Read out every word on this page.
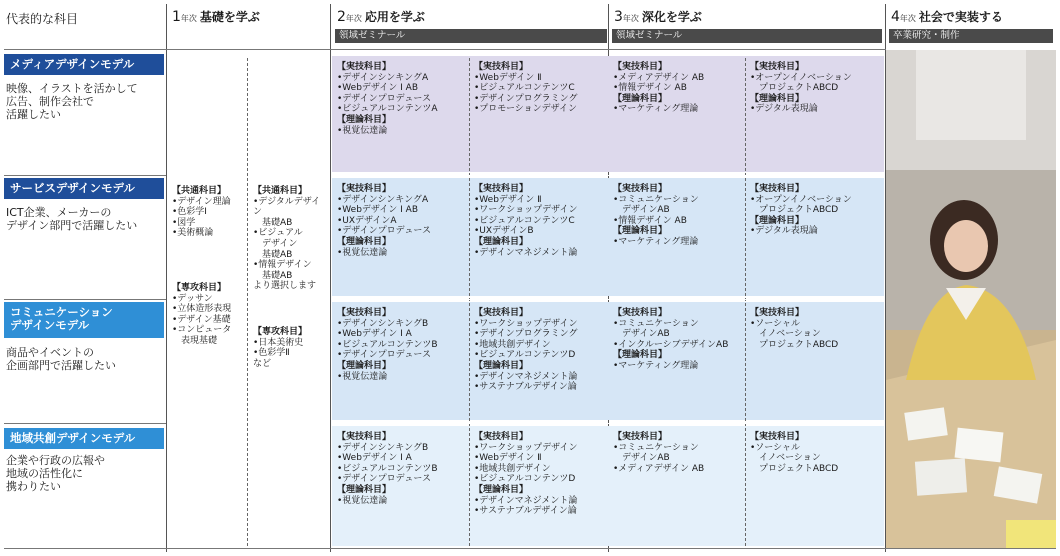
代表的な科目	1年次 基礎を学ぶ	2年次 応用を学ぶ
領域ゼミナール
3年次 深化を学ぶ
領域ゼミナール
4年次 社会で実装する
卒業研究・制作
メディアデザインモデル
映像、イラストを活かして
広告、制作会社で
活躍したい
サービスデザインモデル
ICT企業、メーカーの
デザイン部門で活躍したい
コミュニケーション
デザインモデル
商品やイベントの
企画部門で活躍したい
地域共創デザインモデル
企業や行政の広報や
地域の活性化に
携わりたい
【共通科目】
•デザイン理論
•色彩学Ⅰ
•図学
•美術概論
【専攻科目】
•デッサン
•立体造形表現
•デザイン基礎
•コンピュータ
　表現基礎
【共通科目】
•デジタルデザイン
　基礎AB
•ビジュアル
　デザイン
　基礎AB
•情報デザイン
　基礎AB
より選択します
【専攻科目】
•日本美術史
•色彩学Ⅱ
など
【実技科目】
•デザインシンキングA
•Webデザイン I AB
•デザインプロデュース
•ビジュアルコンテンツA
【理論科目】
•視覚伝達論
【実技科目】
•Webデザイン Ⅱ
•ビジュアルコンテンツC
•デザインプログラミング
•プロモーションデザイン
【実技科目】
•メディアデザイン AB
•情報デザイン AB
【理論科目】
•マーケティング理論
【実技科目】
•オープンイノベーション
　プロジェクトABCD
【理論科目】
•デジタル表現論
【実技科目】
•デザインシンキングA
•Webデザイン I AB
•UXデザインA
•デザインプロデュース
【理論科目】
•視覚伝達論
【実技科目】
•Webデザイン Ⅱ
•ワークショップデザイン
•ビジュアルコンテンツC
•UXデザインB
【理論科目】
•デザインマネジメント論
【実技科目】
•コミュニケーション
　デザインAB
•情報デザイン AB
【理論科目】
•マーケティング理論
【実技科目】
•オープンイノベーション
　プロジェクトABCD
【理論科目】
•デジタル表現論
【実技科目】
•デザインシンキングB
•Webデザイン I A
•ビジュアルコンテンツB
•デザインプロデュース
【理論科目】
•視覚伝達論
【実技科目】
•ワークショップデザイン
•デザインプログラミング
•地域共創デザイン
•ビジュアルコンテンツD
【理論科目】
•デザインマネジメント論
•サステナブルデザイン論
【実技科目】
•コミュニケーション
　デザインAB
•インクルーシブデザインAB
【理論科目】
•マーケティング理論
【実技科目】
•ソーシャル
　イノベーション
　プロジェクトABCD
【実技科目】
•デザインシンキングB
•Webデザイン I A
•ビジュアルコンテンツB
•デザインプロデュース
【理論科目】
•視覚伝達論
【実技科目】
•ワークショップデザイン
•Webデザイン Ⅱ
•地域共創デザイン
•ビジュアルコンテンツD
【理論科目】
•デザインマネジメント論
•サステナブルデザイン論
【実技科目】
•コミュニケーション
　デザインAB
•メディアデザイン AB
【実技科目】
•ソーシャル
　イノベーション
　プロジェクトABCD
